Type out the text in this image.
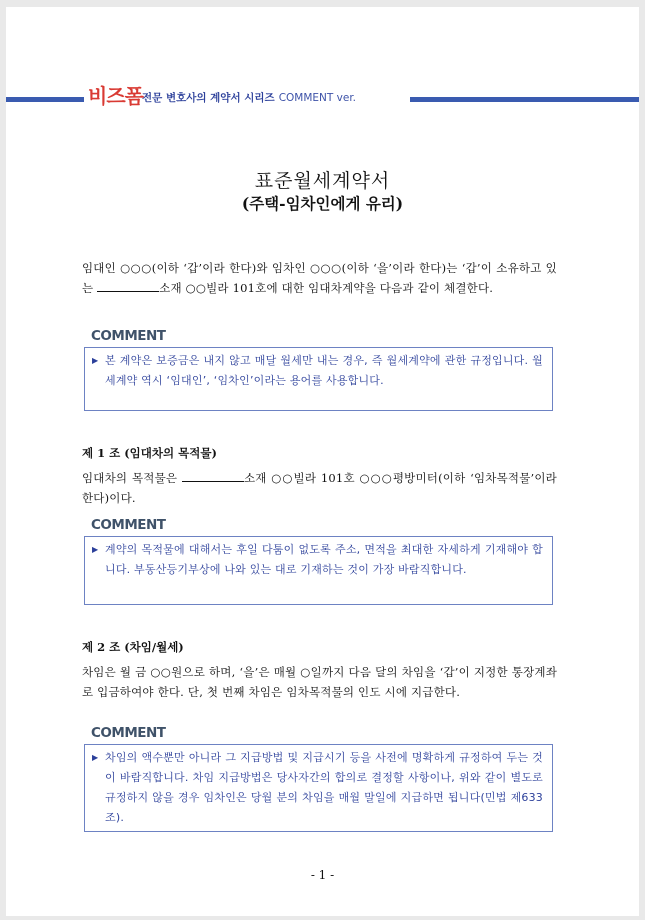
비즈폼 전문 변호사의 계약서 시리즈 COMMENT ver.
표준월세계약서
(주택-임차인에게 유리)
임대인 ○○○(이하 ‘갑’이라 한다)와 임차인 ○○○(이하 ‘을’이라 한다)는 ‘갑’이 소유하고 있는	소재 ○○빌라 101호에 대한 임대차계약을 다음과 같이 체결한다.
COMMENT
▶ 본 계약은 보증금은 내지 않고 매달 월세만 내는 경우, 즉 월세계약에 관한 규정입니다. 월세계약 역시 ‘임대인’, ‘임차인’이라는 용어를 사용합니다.
제 1 조 (임대차의 목적물)
임대차의 목적물은	소재 ○○빌라 101호 ○○○평방미터(이하 ‘임차목적물’이라 한다)이다.
COMMENT
▶ 계약의 목적물에 대해서는 후일 다툼이 없도록 주소, 면적을 최대한 자세하게 기재해야 합니다. 부동산등기부상에 나와 있는 대로 기재하는 것이 가장 바람직합니다.
제 2 조 (차임/월세)
차임은 월 금 ○○원으로 하며, ‘을’은 매월 ○일까지 다음 달의 차임을 ‘갑’이 지정한 통장계좌로 입금하여야 한다. 단, 첫 번째 차임은 임차목적물의 인도 시에 지급한다.
COMMENT
▶ 차임의 액수뿐만 아니라 그 지급방법 및 지급시기 등을 사전에 명확하게 규정하여 두는 것이 바람직합니다. 차임 지급방법은 당사자간의 합의로 결정할 사항이나, 위와 같이 별도로 규정하지 않을 경우 임차인은 당월 분의 차임을 매월 말일에 지급하면 됩니다(민법 제633조).
- 1 -
